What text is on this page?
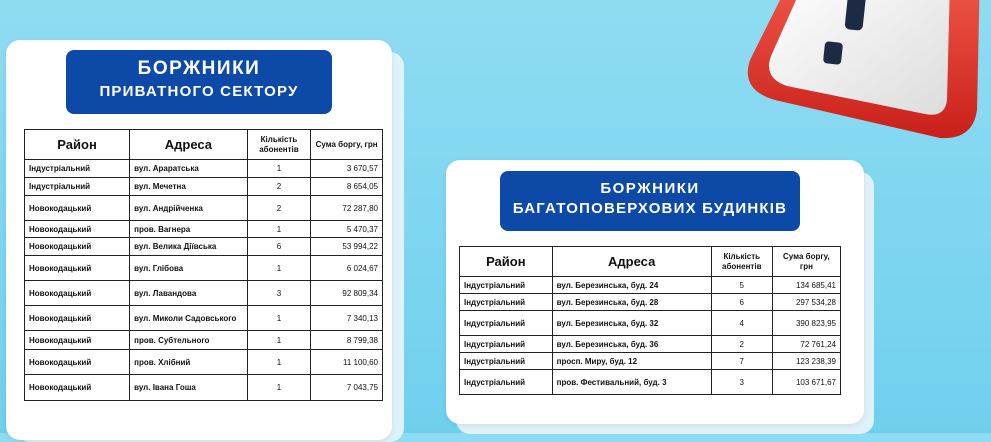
БОРЖНИКИ
ПРИВАТНОГО СЕКТОРУ
Район	Адреса	Кількість абонентів	Сума боргу, грн
Індустріальний	вул. Араратська	1	3 670,57
Індустріальний	вул. Мечетна	2	8 654,05
Новокодацький	вул. Андрійченка	2	72 287,80
Новокодацький	пров. Вагнера	1	5 470,37
Новокодацький	вул. Велика Діївська	6	53 994,22
Новокодацький	вул. Глібова	1	6 024,67
Новокодацький	вул. Лавандова	3	92 809,34
Новокодацький	вул. Миколи Садовського	1	7 340,13
Новокодацький	пров. Субтельного	1	8 799,38
Новокодацький	пров. Хлібний	1	11 100,60
Новокодацький	вул. Івана Гоша	1	7 043,75
БОРЖНИКИ
БАГАТОПОВЕРХОВИХ БУДИНКІВ
Район	Адреса	Кількість абонентів	Сума боргу, грн
Індустріальний	вул. Березинська, буд. 24	5	134 685,41
Індустріальний	вул. Березинська, буд. 28	6	297 534,28
Індустріальний	вул. Березинська, буд. 32	4	390 823,95
Індустріальний	вул. Березинська, буд. 36	2	72 761,24
Індустріальний	просп. Миру, буд. 12	7	123 238,39
Індустріальний	пров. Фестивальний, буд. 3	3	103 671,67
